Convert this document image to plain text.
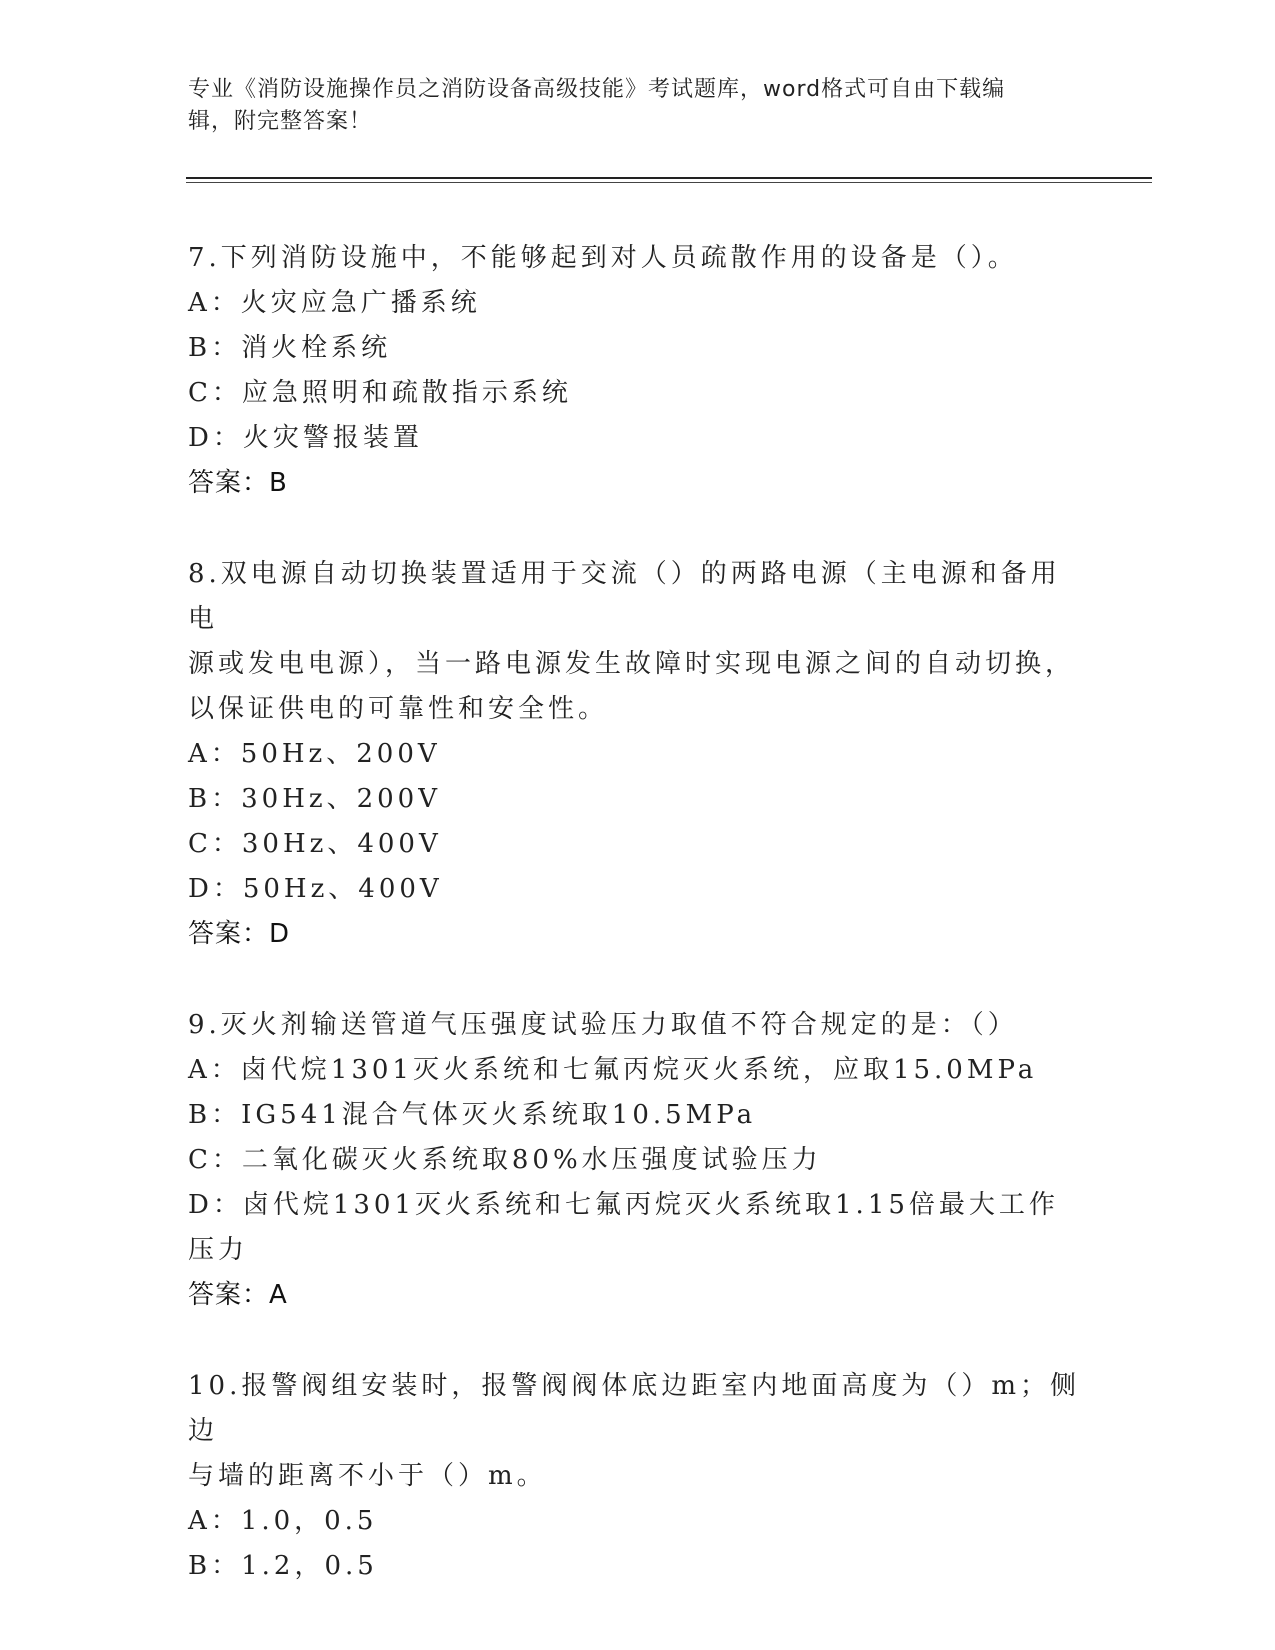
专业《消防设施操作员之消防设备高级技能》考试题库，word格式可自由下载编
辑，附完整答案！

7.下列消防设施中，不能够起到对人员疏散作用的设备是（）。

A：火灾应急广播系统
B：消火栓系统
C：应急照明和疏散指示系统
D：火灾警报装置

答案：B

8.双电源自动切换装置适用于交流（）的两路电源（主电源和备用电

源或发电电源），当一路电源发生故障时实现电源之间的自动切换，

以保证供电的可靠性和安全性。

A：50Hz、200V
B：30Hz、200V
C：30Hz、400V
D：50Hz、400V

答案：D

9.灭火剂输送管道气压强度试验压力取值不符合规定的是：（）

A：卤代烷1301灭火系统和七氟丙烷灭火系统，应取15.0MPa
B：IG541混合气体灭火系统取10.5MPa
C：二氧化碳灭火系统取80%水压强度试验压力
D：卤代烷1301灭火系统和七氟丙烷灭火系统取1.15倍最大工作压力

答案：A

10.报警阀组安装时，报警阀阀体底边距室内地面高度为（）m；侧边

与墙的距离不小于（）m。

A：1.0，0.5
B：1.2，0.5
